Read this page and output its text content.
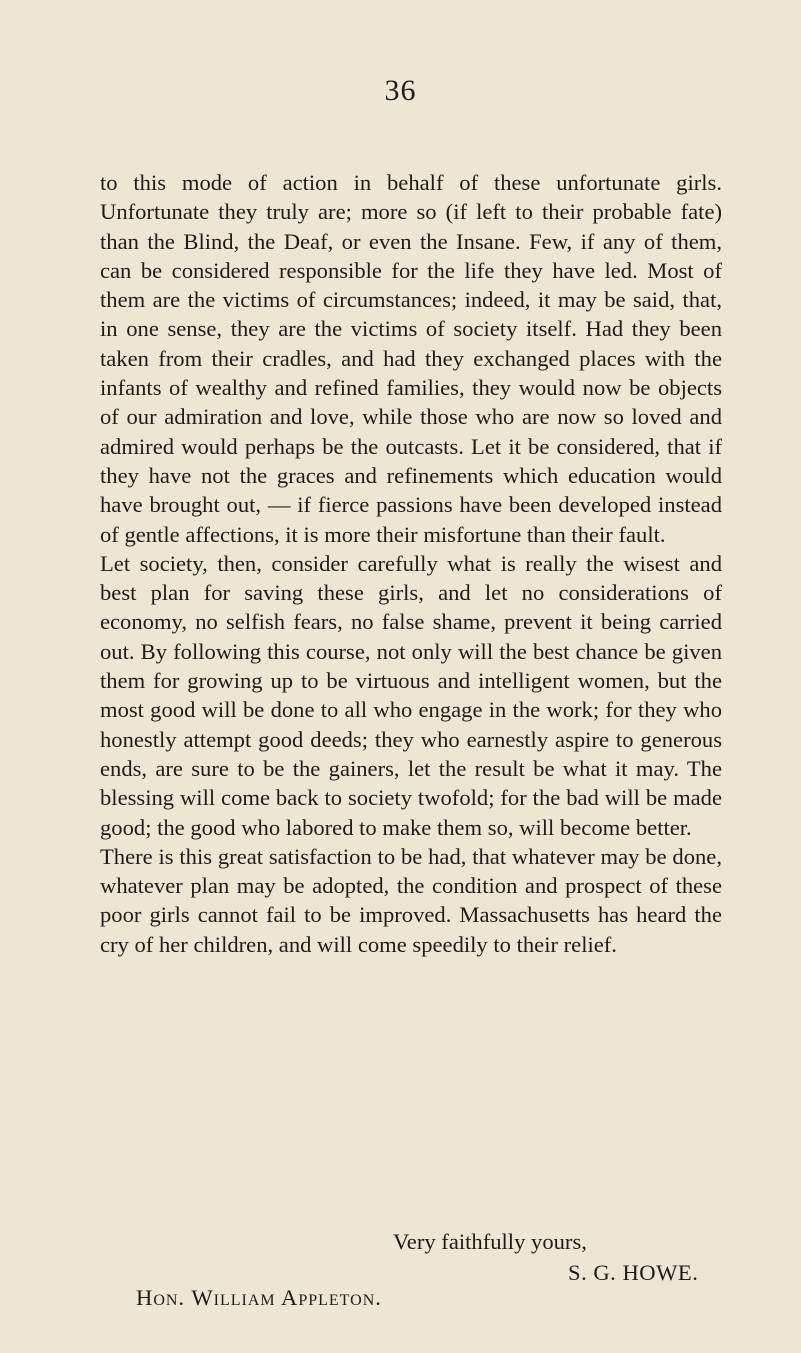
36

to this mode of action in behalf of these unfortunate girls. Unfortunate they truly are; more so (if left to their probable fate) than the Blind, the Deaf, or even the Insane. Few, if any of them, can be considered responsible for the life they have led. Most of them are the victims of circumstances; indeed, it may be said, that, in one sense, they are the victims of society itself. Had they been taken from their cradles, and had they exchanged places with the infants of wealthy and refined families, they would now be objects of our admiration and love, while those who are now so loved and admired would perhaps be the outcasts. Let it be considered, that if they have not the graces and refinements which education would have brought out, — if fierce passions have been developed instead of gentle affections, it is more their misfortune than their fault.

Let society, then, consider carefully what is really the wisest and best plan for saving these girls, and let no considerations of economy, no selfish fears, no false shame, prevent it being carried out. By following this course, not only will the best chance be given them for growing up to be virtuous and intelligent women, but the most good will be done to all who engage in the work; for they who honestly attempt good deeds; they who earnestly aspire to generous ends, are sure to be the gainers, let the result be what it may. The blessing will come back to society twofold; for the bad will be made good; the good who labored to make them so, will become better.

There is this great satisfaction to be had, that whatever may be done, whatever plan may be adopted, the condition and prospect of these poor girls cannot fail to be improved. Massachusetts has heard the cry of her children, and will come speedily to their relief.

Very faithfully yours,
S. G. HOWE.
Hon. William Appleton.
